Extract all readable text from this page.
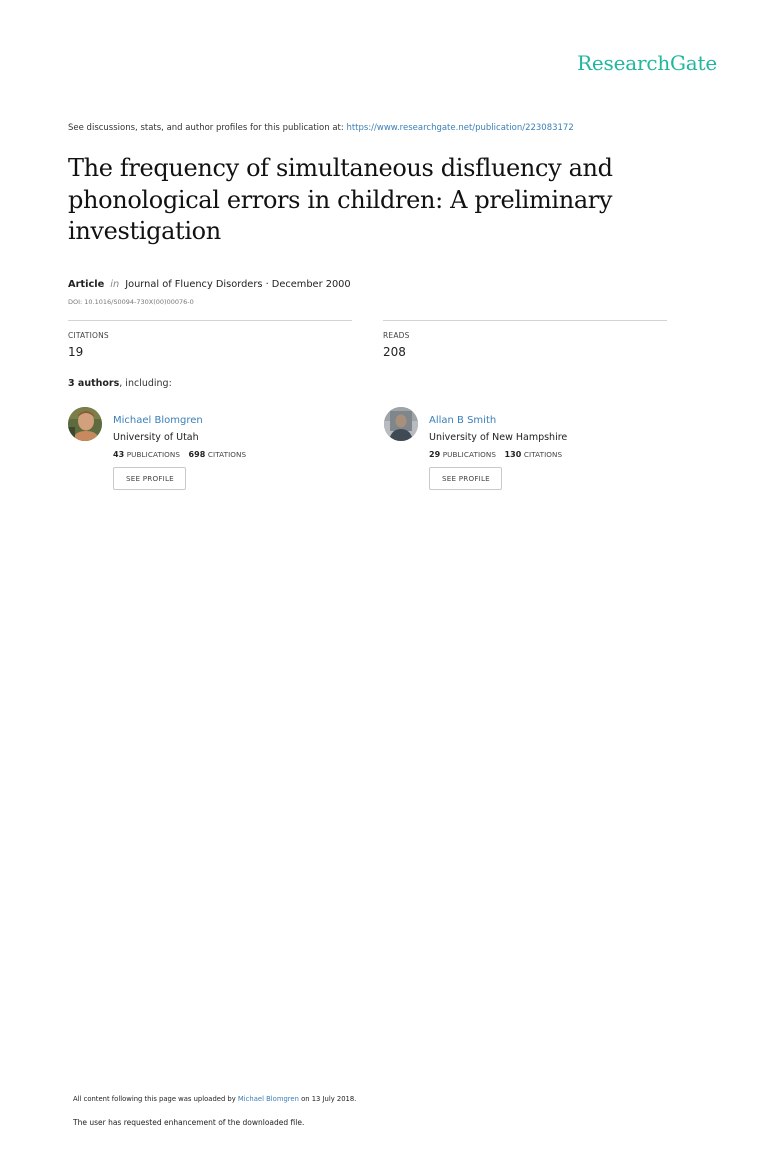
ResearchGate
See discussions, stats, and author profiles for this publication at: https://www.researchgate.net/publication/223083172
The frequency of simultaneous disfluency and phonological errors in children: A preliminary investigation
Article in Journal of Fluency Disorders · December 2000
DOI: 10.1016/S0094-730X(00)00076-0
CITATIONS
19
READS
208
3 authors, including:
Michael Blomgren
University of Utah
43 PUBLICATIONS 698 CITATIONS
SEE PROFILE
Allan B Smith
University of New Hampshire
29 PUBLICATIONS 130 CITATIONS
SEE PROFILE
All content following this page was uploaded by Michael Blomgren on 13 July 2018.
The user has requested enhancement of the downloaded file.
